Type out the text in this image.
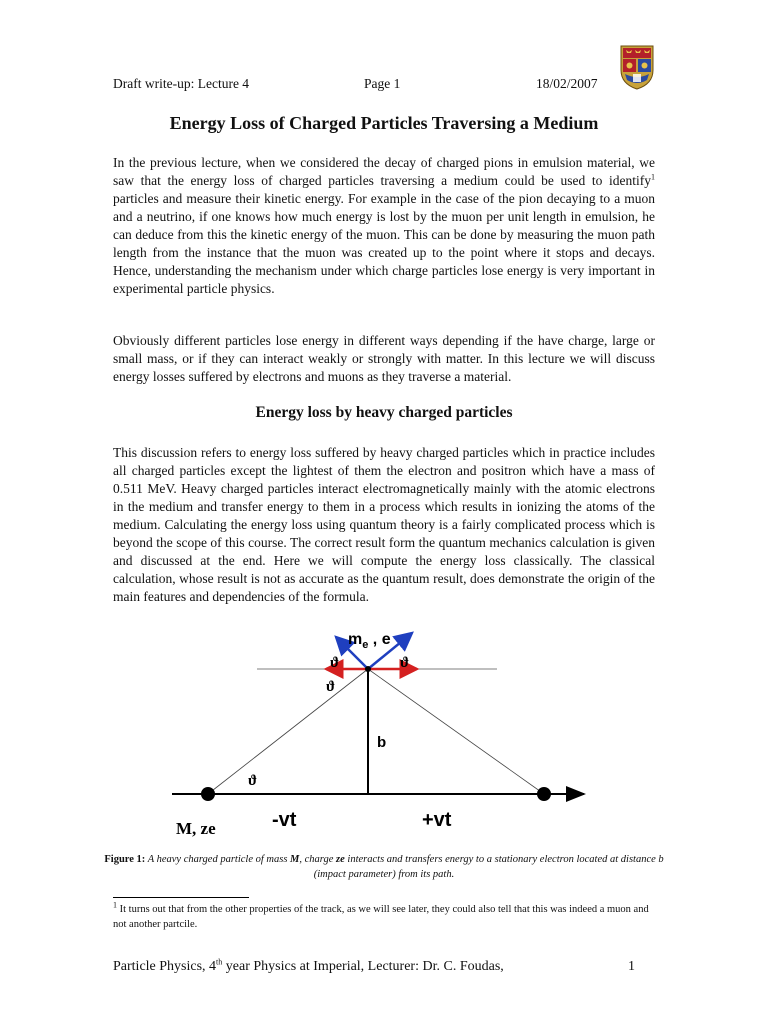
Draft write-up: Lecture 4	Page 1	18/02/2007
Energy Loss of Charged Particles Traversing a Medium

In the previous lecture, when we considered the decay of charged pions in emulsion material, we saw that the energy loss of charged particles traversing a medium could be used to identify$^1$ particles and measure their kinetic energy. For example in the case of the pion decaying to a muon and a neutrino, if one knows how much energy is lost by the muon per unit length in emulsion, he can deduce from this the kinetic energy of the muon. This can be done by measuring the muon path length from the instance that the muon was created up to the point where it stops and decays. Hence, understanding the mechanism under which charge particles lose energy is very important in experimental particle physics.

Obviously different particles lose energy in different ways depending if the have charge, large or small mass, or if they can interact weakly or strongly with matter. In this lecture we will discuss energy losses suffered by electrons and muons as they traverse a material.

Energy loss by heavy charged particles

This discussion refers to energy loss suffered by heavy charged particles which in practice includes all charged particles except the lightest of them the electron and positron which have a mass of 0.511 MeV. Heavy charged particles interact electromagnetically mainly with the atomic electrons in the medium and transfer energy to them in a process which results in ionizing the atoms of the medium. Calculating the energy loss using quantum theory is a fairly complicated process which is beyond the scope of this course. The correct result form the quantum mechanics calculation is given and discussed at the end. Here we will compute the energy loss classically. The classical calculation, whose result is not as accurate as the quantum result, does demonstrate the origin of the main features and dependencies of the formula.

$m_e$ , e
ϑ	ϑ
ϑ
ϑ
b
-vt	+vt
M, ze
Figure 1: A heavy charged particle of mass M, charge ze interacts and transfers energy to a stationary electron located at distance b (impact parameter) from its path.
$^1$ It turns out that from the other properties of the track, as we will see later, they could also tell that this was indeed a muon and not another partcile.
Particle Physics, 4th year Physics at Imperial, Lecturer: Dr. C. Foudas,	1
